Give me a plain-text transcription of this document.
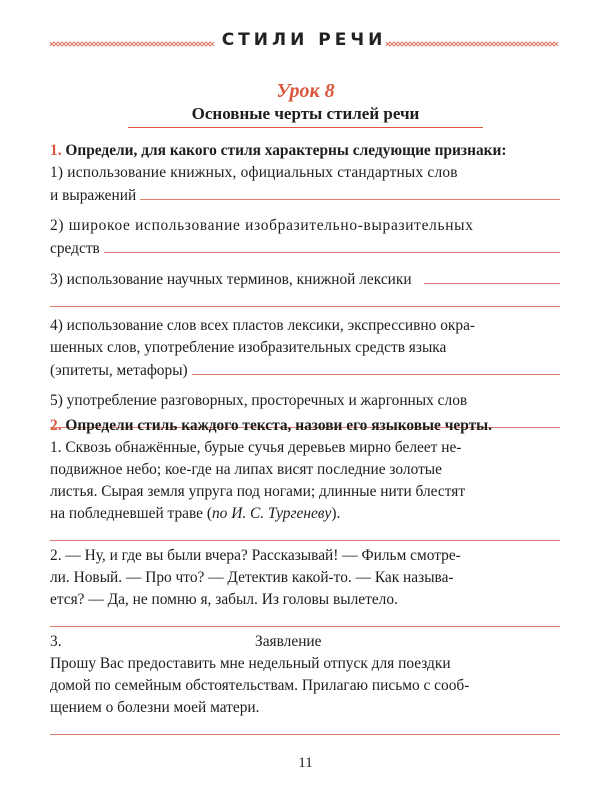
СТИЛИ РЕЧИ
Урок 8
Основные черты стилей речи
1.
Определи, для какого стиля характерны следующие признаки:
1) использование книжных, официальных стандартных слов
и выражений
2) широкое использование изобразительно-выразительных
средств
3) использование научных терминов, книжной лексики
4) использование слов всех пластов лексики, экспрессивно окра-
шенных слов, употребление изобразительных средств языка
(эпитеты, метафоры)
5) употребление разговорных, просторечных и жаргонных слов
2.
Определи стиль каждого текста, назови его языковые черты.
1. Сквозь обнажённые, бурые сучья деревьев мирно белеет не-
подвижное небо; кое-где на липах висят последние золотые
листья. Сырая земля упруга под ногами; длинные нити блестят
на побледневшей траве ( по И. С. Тургеневу ).
2. — Ну, и где вы были вчера? Рассказывай! — Фильм смотре-
ли. Новый. — Про что? — Детектив какой-то. — Как называ-
ется? — Да, не помню я, забыл. Из головы вылетело.
3.	Заявление
Прошу Вас предоставить мне недельный отпуск для поездки
домой по семейным обстоятельствам. Прилагаю письмо с сооб-
щением о болезни моей матери.
11
